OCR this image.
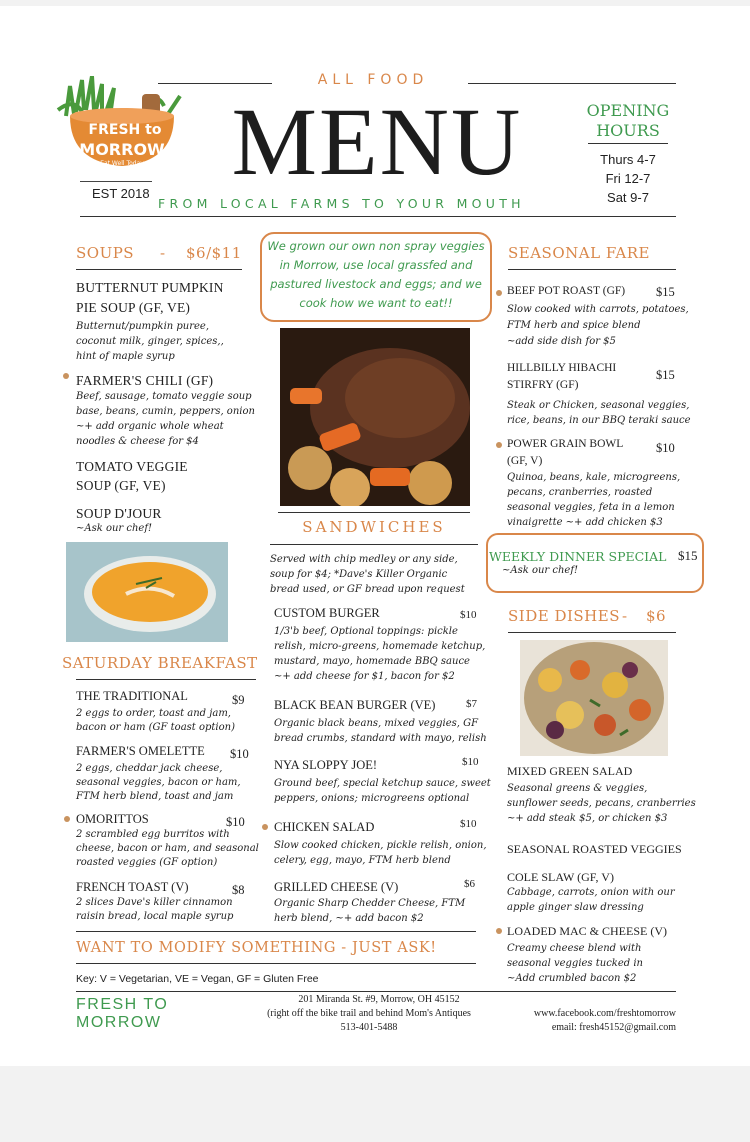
FRESH to
MORROW
Eat Well Today
EST 2018
ALL FOOD
MENU
FROM LOCAL FARMS TO YOUR MOUTH
OPENING
HOURS
Thurs 4-7
Fri 12-7
Sat 9-7
SOUPS - $6/$11
BUTTERNUT PUMPKIN
PIE SOUP (GF, VE)
Butternut/pumpkin puree,
coconut milk, ginger, spices,,
hint of maple syrup
FARMER'S CHILI (GF)
Beef, sausage, tomato veggie soup
base, beans, cumin, peppers, onion
~+ add organic whole wheat
noodles & cheese for $4
TOMATO VEGGIE
SOUP (GF, VE)
SOUP D'JOUR
~Ask our chef!
SATURDAY BREAKFAST
THE TRADITIONAL	$9
2 eggs to order, toast and jam,
bacon or ham (GF toast option)
FARMER'S OMELETTE $10
2 eggs, cheddar jack cheese,
seasonal veggies, bacon or ham,
FTM herb blend, toast and jam
OMORITTOS	$10
2 scrambled egg burritos with
cheese, bacon or ham, and seasonal
roasted veggies (GF option)
FRENCH TOAST (V)	$8
2 slices Dave's killer cinnamon
raisin bread, local maple syrup
We grown our own non spray veggies in Morrow, use local grassfed and pastured livestock and eggs; and we cook how we want to eat!!
SANDWICHES
Served with chip medley or any side,
soup for $4; *Dave's Killer Organic
bread used, or GF bread upon request
CUSTOM BURGER	$10
1/3'b beef, Optional toppings: pickle
relish, micro-greens, homemade ketchup,
mustard, mayo, homemade BBQ sauce
~+ add cheese for $1, bacon for $2
BLACK BEAN BURGER (VE)	$7
Organic black beans, mixed veggies, GF
bread crumbs, standard with mayo, relish
NYA SLOPPY JOE!	$10
Ground beef, special ketchup sauce, sweet
peppers, onions; microgreens optional
CHICKEN SALAD	$10
Slow cooked chicken, pickle relish, onion,
celery, egg, mayo, FTM herb blend
GRILLED CHEESE (V)	$6
Organic Sharp Chedder Cheese, FTM
herb blend, ~+ add bacon $2
SEASONAL FARE
BEEF POT ROAST (GF) $15
Slow cooked with carrots, potatoes,
FTM herb and spice blend
~add side dish for $5
HILLBILLY HIBACHI
STIRFRY (GF)
$15
Steak or Chicken, seasonal veggies,
rice, beans, in our BBQ teraki sauce
POWER GRAIN BOWL
(GF, V)
$10
Quinoa, beans, kale, microgreens,
pecans, cranberries, roasted
seasonal veggies, feta in a lemon
vinaigrette ~+ add chicken $3
WEEKLY DINNER SPECIAL $15
~Ask our chef!
SIDE DISHES - $6
MIXED GREEN SALAD
Seasonal greens & veggies,
sunflower seeds, pecans, cranberries
~+ add steak $5, or chicken $3
SEASONAL ROASTED VEGGIES
COLE SLAW (GF, V)
Cabbage, carrots, onion with our
apple ginger slaw dressing
LOADED MAC & CHEESE (V)
Creamy cheese blend with
seasonal veggies tucked in
~Add crumbled bacon $2
WANT TO MODIFY SOMETHING - JUST ASK!
Key: V = Vegetarian, VE = Vegan, GF = Gluten Free
FRESH TO
MORROW
201 Miranda St. #9, Morrow, OH 45152
(right off the bike trail and behind Mom's Antiques
513-401-5488
www.facebook.com/freshtomorrow
email: fresh45152@gmail.com
